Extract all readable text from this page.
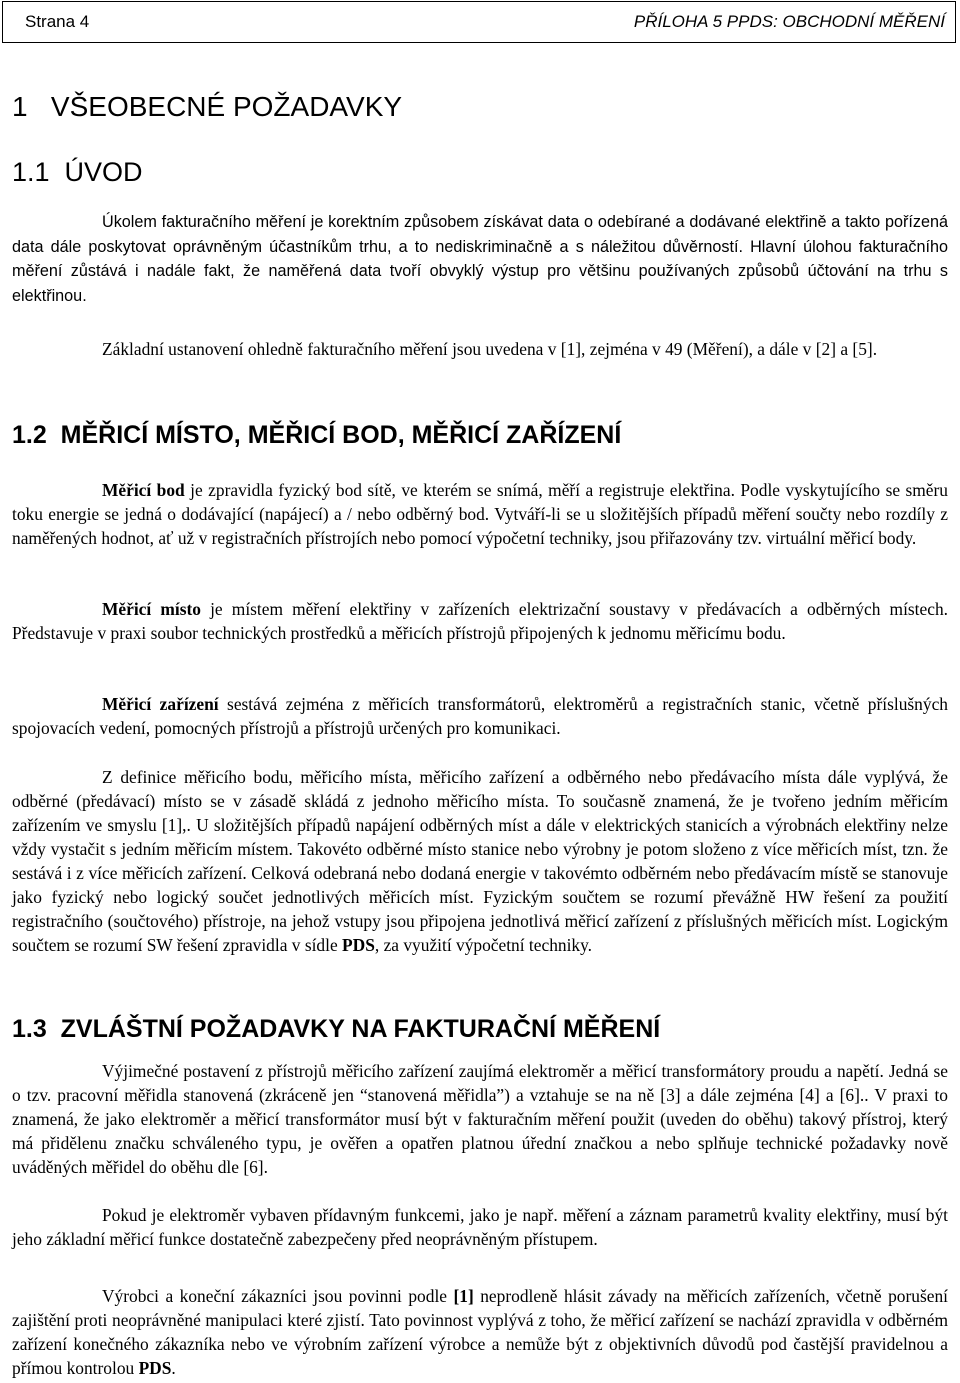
Strana 4	PŘÍLOHA 5 PPDS: OBCHODNÍ MĚŘENÍ
1   VŠEOBECNÉ POŽADAVKY
1.1  ÚVOD

Úkolem fakturačního měření je korektním způsobem získávat data o odebírané a dodávané elektřině a takto pořízená data dále poskytovat oprávněným účastníkům trhu, a to nediskriminačně a s náležitou důvěrností. Hlavní úlohou fakturačního měření zůstává i nadále fakt, že naměřená data tvoří obvyklý výstup pro většinu používaných způsobů účtování na trhu s elektřinou.

Základní ustanovení ohledně fakturačního měření jsou uvedena v [1], zejména v 49 (Měření), a dále v [2] a [5].

1.2  MĚŘICÍ MÍSTO, MĚŘICÍ BOD, MĚŘICÍ ZAŘÍZENÍ

Měřicí bod je zpravidla fyzický bod sítě, ve kterém se snímá, měří a registruje elektřina. Podle vyskytujícího se směru toku energie se jedná o dodávající (napájecí) a / nebo odběrný bod. Vytváří-li se u složitějších případů měření součty nebo rozdíly z naměřených hodnot, ať už v registračních přístrojích nebo pomocí výpočetní techniky, jsou přiřazovány tzv. virtuální měřicí body.

Měřicí místo je místem měření elektřiny v zařízeních elektrizační soustavy v předávacích a odběrných místech. Představuje v praxi soubor technických prostředků a měřicích přístrojů připojených k jednomu měřicímu bodu.

Měřicí zařízení sestává zejména z měřicích transformátorů, elektroměrů a registračních stanic, včetně příslušných spojovacích vedení, pomocných přístrojů a přístrojů určených pro komunikaci.

Z definice měřicího bodu, měřicího místa, měřicího zařízení a odběrného nebo předávacího místa dále vyplývá, že odběrné (předávací) místo se v zásadě skládá z jednoho měřicího místa. To současně znamená, že je tvořeno jedním měřicím zařízením ve smyslu [1],. U složitějších případů napájení odběrných míst a dále v elektrických stanicích a výrobnách elektřiny nelze vždy vystačit s jedním měřicím místem. Takovéto odběrné místo stanice nebo výrobny je potom složeno z více měřicích míst, tzn. že sestává i z více měřicích zařízení. Celková odebraná nebo dodaná energie v takovémto odběrném nebo předávacím místě se stanovuje jako fyzický nebo logický součet jednotlivých měřicích míst. Fyzickým součtem se rozumí převážně HW řešení za použití registračního (součtového) přístroje, na jehož vstupy jsou připojena jednotlivá měřicí zařízení z příslušných měřicích míst. Logickým součtem se rozumí SW řešení zpravidla v sídle PDS, za využití výpočetní techniky.

1.3  ZVLÁŠTNÍ POŽADAVKY NA FAKTURAČNÍ MĚŘENÍ

Výjimečné postavení z přístrojů měřicího zařízení zaujímá elektroměr a měřicí transformátory proudu a napětí. Jedná se o tzv. pracovní měřidla stanovená (zkráceně jen “stanovená měřidla”) a vztahuje se na ně [3] a dále zejména [4] a [6].. V praxi to znamená, že jako elektroměr a měřicí transformátor musí být v fakturačním měření použit (uveden do oběhu) takový přístroj, který má přidělenu značku schváleného typu, je ověřen a opatřen platnou úřední značkou a nebo splňuje technické požadavky nově uváděných měřidel do oběhu dle [6].

Pokud je elektroměr vybaven přídavným funkcemi, jako je např. měření a záznam parametrů kvality elektřiny, musí být jeho základní měřicí funkce dostatečně zabezpečeny před neoprávněným přístupem.

Výrobci a koneční zákazníci jsou povinni podle [1] neprodleně hlásit závady na měřicích zařízeních, včetně porušení zajištění proti neoprávněné manipulaci které zjistí. Tato povinnost vyplývá z toho, že měřicí zařízení se nachází zpravidla v odběrném zařízení konečného zákazníka nebo ve výrobním zařízení výrobce a nemůže být z objektivních důvodů pod častější pravidelnou a přímou kontrolou PDS.
